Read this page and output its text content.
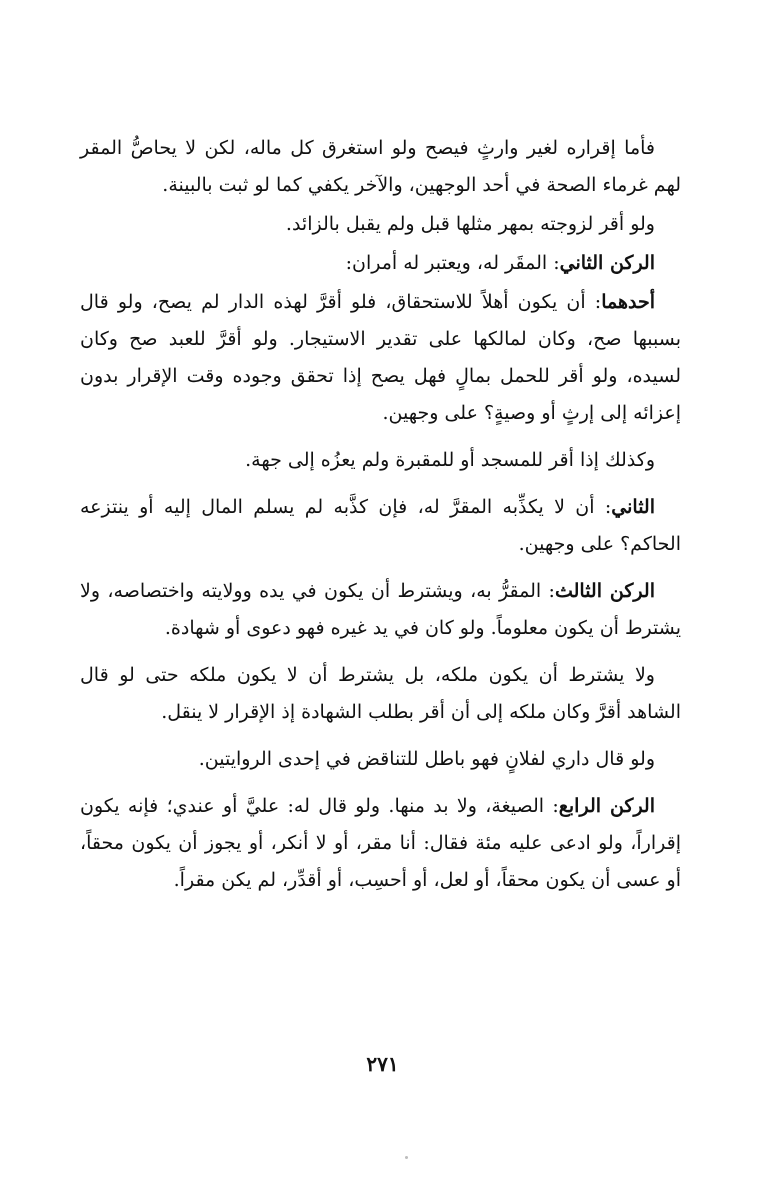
فأما إقراره لغير وارثٍ فيصح ولو استغرق كل ماله، لكن لا يحاصُّ المقر لهم غرماء الصحة في أحد الوجهين، والآخر يكفي كما لو ثبت بالبينة.

ولو أقر لزوجته بمهر مثلها قبل ولم يقبل بالزائد.

الركن الثاني: المقَر له، ويعتبر له أمران:

أحدهما: أن يكون أهلاً للاستحقاق، فلو أقرَّ لهذه الدار لم يصح، ولو قال بسببها صح، وكان لمالكها على تقدير الاستيجار. ولو أقرَّ للعبد صح وكان لسيده، ولو أقر للحمل بمالٍ فهل يصح إذا تحقق وجوده وقت الإقرار بدون إعزائه إلى إرثٍ أو وصيةٍ؟ على وجهين.

وكذلك إذا أقر للمسجد أو للمقبرة ولم يعزُه إلى جهة.

الثاني: أن لا يكذِّبه المقرَّ له، فإن كذَّبه لم يسلم المال إليه أو ينتزعه الحاكم؟ على وجهين.

الركن الثالث: المقرُّ به، ويشترط أن يكون في يده وولايته واختصاصه، ولا يشترط أن يكون معلوماً. ولو كان في يد غيره فهو دعوى أو شهادة.

ولا يشترط أن يكون ملكه، بل يشترط أن لا يكون ملكه حتى لو قال الشاهد أقرَّ وكان ملكه إلى أن أقر بطلب الشهادة إذ الإقرار لا ينقل.

ولو قال داري لفلانٍ فهو باطل للتناقض في إحدى الروايتين.

الركن الرابع: الصيغة، ولا بد منها. ولو قال له: عليَّ أو عندي؛ فإنه يكون إقراراً، ولو ادعى عليه مئة فقال: أنا مقر، أو لا أنكر، أو يجوز أن يكون محقاً، أو عسى أن يكون محقاً، أو لعل، أو أحسِب، أو أقدِّر، لم يكن مقراً.

٢٧١
